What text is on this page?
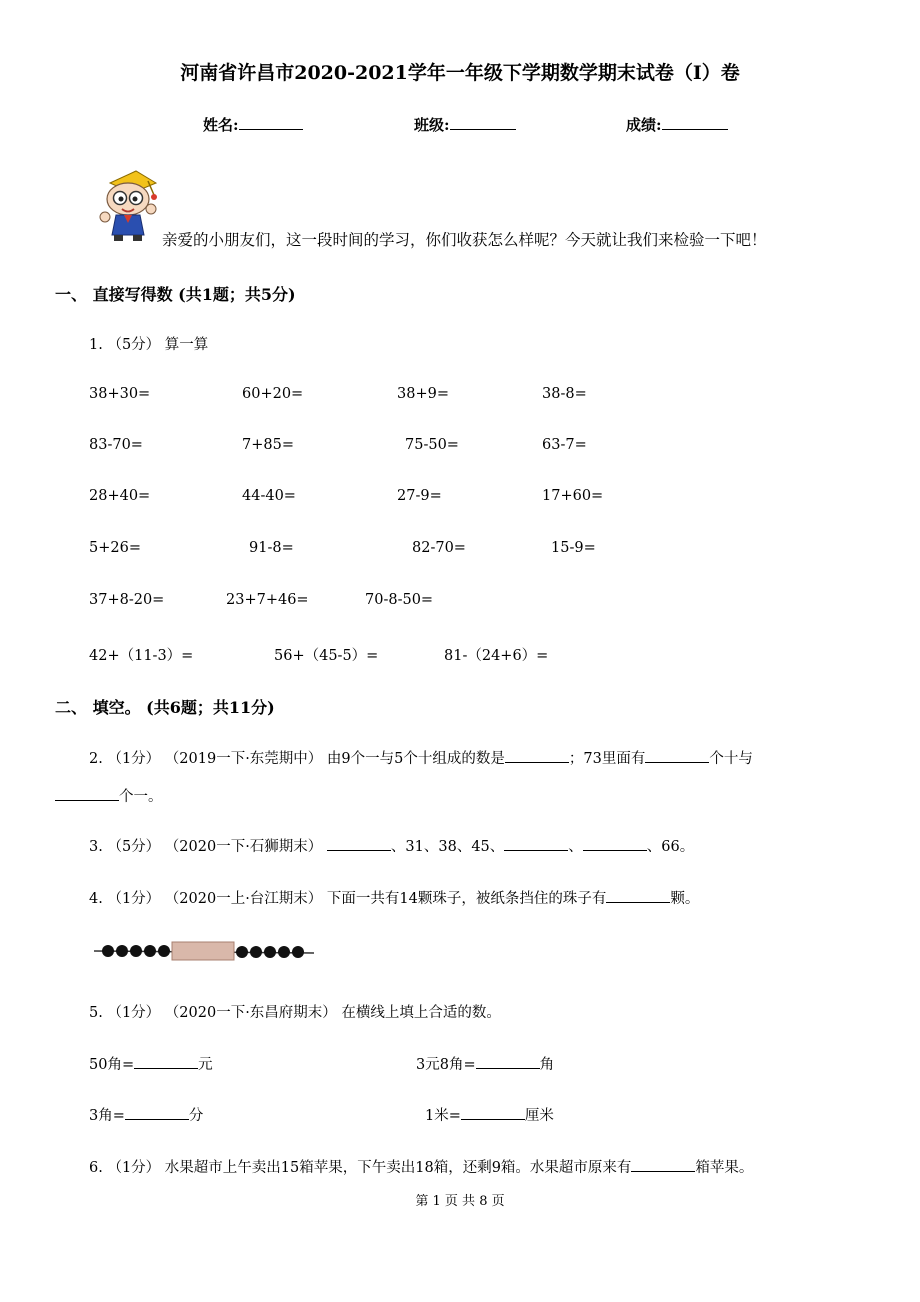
河南省许昌市2020-2021学年一年级下学期数学期末试卷（I）卷
姓名:	班级:	成绩:
亲爱的小朋友们，这一段时间的学习，你们收获怎么样呢？今天就让我们来检验一下吧！
一、 直接写得数 (共1题；共5分)
1. （5分） 算一算
38+30=	60+20=	38+9=	38-8=
83-70=	7+85=	75-50=	63-7=
28+40=	44-40=	27-9=	17+60=
5+26=	91-8=	82-70=	15-9=
37+8-20=	23+7+46=	70-8-50=
42+（11-3）=	56+（45-5）=	81-（24+6）=
二、 填空。 (共6题；共11分)
2. （1分） （2019一下·东莞期中） 由9个一与5个十组成的数是	；73里面有	个十与
个一。
3. （5分） （2020一下·石狮期末）	、31、38、45、	、	、66。
4. （1分） （2020一上·台江期末） 下面一共有14颗珠子，被纸条挡住的珠子有	颗。
5. （1分） （2020一下·东昌府期末） 在横线上填上合适的数。
50角=	元	3元8角=	角
3角=	分	1米=	厘米
6. （1分） 水果超市上午卖出15箱苹果，下午卖出18箱，还剩9箱。水果超市原来有	箱苹果。
第 1 页 共 8 页
